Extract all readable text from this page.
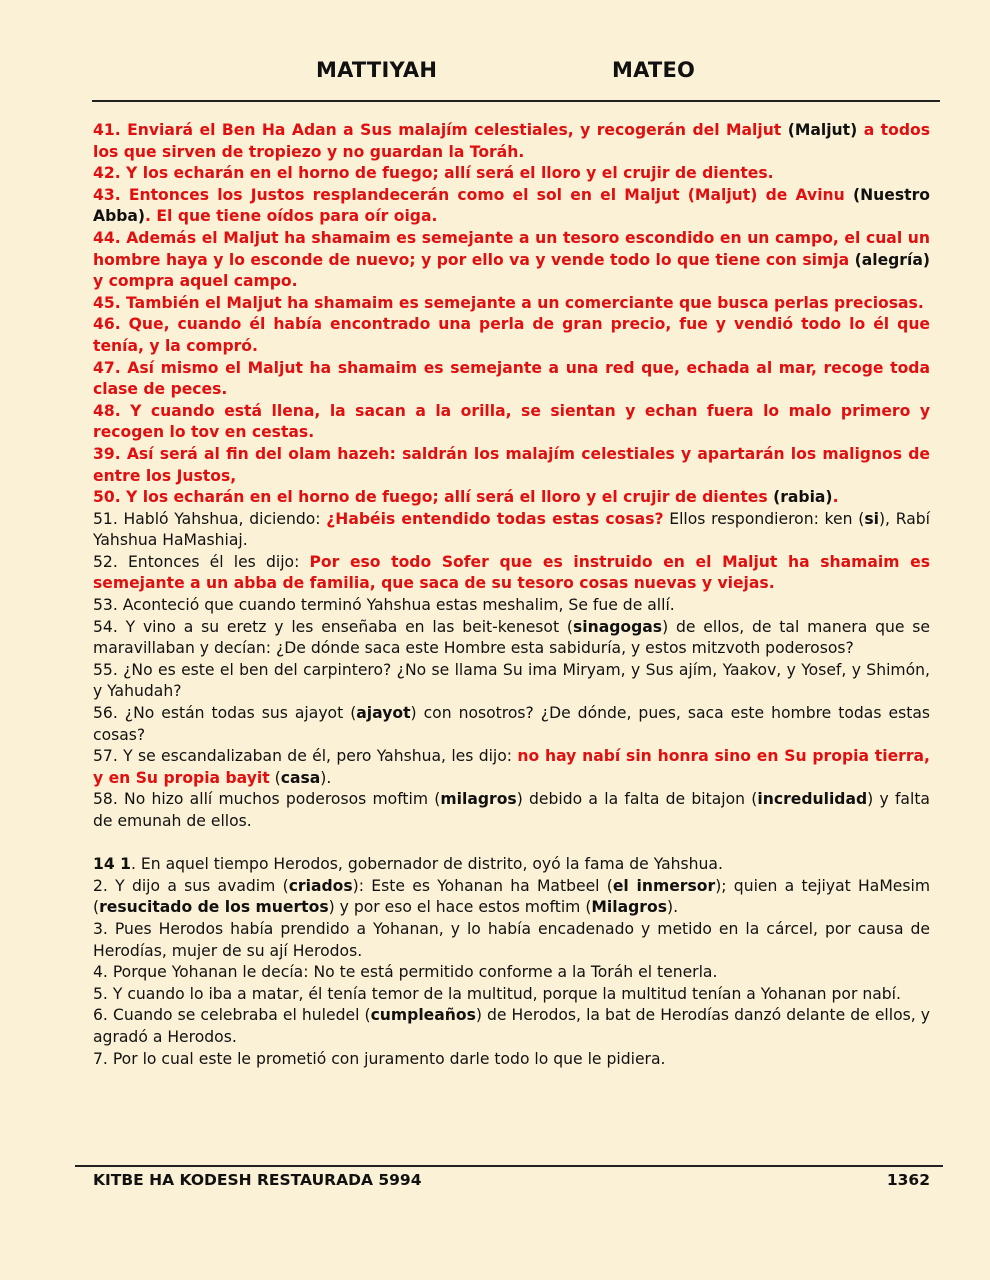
MATTIYAH	MATEO

41. Enviará el Ben Ha Adan a Sus malajím celestiales, y recogerán del Maljut (Maljut) a todos los que sirven de tropiezo y no guardan la Toráh.

42. Y los echarán en el horno de fuego; allí será el lloro y el crujir de dientes.

43. Entonces los Justos resplandecerán como el sol en el Maljut (Maljut) de Avinu (Nuestro Abba). El que tiene oídos para oír oiga.

44. Además el Maljut ha shamaim es semejante a un tesoro escondido en un campo, el cual un hombre haya y lo esconde de nuevo; y por ello va y vende todo lo que tiene con simja (alegría) y compra aquel campo.

45. También el Maljut ha shamaim es semejante a un comerciante que busca perlas preciosas.

46. Que, cuando él había encontrado una perla de gran precio, fue y vendió todo lo él que tenía, y la compró.

47. Así mismo el Maljut ha shamaim es semejante a una red que, echada al mar, recoge toda clase de peces.

48. Y cuando está llena, la sacan a la orilla, se sientan y echan fuera lo malo primero y recogen lo tov en cestas.

39. Así será al fin del olam hazeh: saldrán los malajím celestiales y apartarán los malignos de entre los Justos,

50. Y los echarán en el horno de fuego; allí será el lloro y el crujir de dientes (rabia).

51. Habló Yahshua, diciendo: ¿Habéis entendido todas estas cosas? Ellos respondieron: ken (si), Rabí Yahshua HaMashiaj.

52. Entonces él les dijo: Por eso todo Sofer que es instruido en el Maljut ha shamaim es semejante a un abba de familia, que saca de su tesoro cosas nuevas y viejas.

53. Aconteció que cuando terminó Yahshua estas meshalim, Se fue de allí.

54. Y vino a su eretz y les enseñaba en las beit-kenesot (sinagogas) de ellos, de tal manera que se maravillaban y decían: ¿De dónde saca este Hombre esta sabiduría, y estos mitzvoth poderosos?

55. ¿No es este el ben del carpintero? ¿No se llama Su ima Miryam, y Sus ajím, Yaakov, y Yosef, y Shimón, y Yahudah?

56. ¿No están todas sus ajayot (ajayot) con nosotros? ¿De dónde, pues, saca este hombre todas estas cosas?

57. Y se escandalizaban de él, pero Yahshua, les dijo: no hay nabí sin honra sino en Su propia tierra, y en Su propia bayit (casa).

58. No hizo allí muchos poderosos moftim (milagros) debido a la falta de bitajon (incredulidad) y falta de emunah de ellos.

14 1. En aquel tiempo Herodos, gobernador de distrito, oyó la fama de Yahshua.

2. Y dijo a sus avadim (criados): Este es Yohanan ha Matbeel (el inmersor); quien a tejiyat HaMesim (resucitado de los muertos) y por eso el hace estos moftim (Milagros).

3. Pues Herodos había prendido a Yohanan, y lo había encadenado y metido en la cárcel, por causa de Herodías, mujer de su ají Herodos.

4. Porque Yohanan le decía: No te está permitido conforme a la Toráh el tenerla.

5. Y cuando lo iba a matar, él tenía temor de la multitud, porque la multitud tenían a Yohanan por nabí.

6. Cuando se celebraba el huledel (cumpleaños) de Herodos, la bat de Herodías danzó delante de ellos, y agradó a Herodos.

7. Por lo cual este le prometió con juramento darle todo lo que le pidiera.

KITBE HA KODESH RESTAURADA 5994	1362
